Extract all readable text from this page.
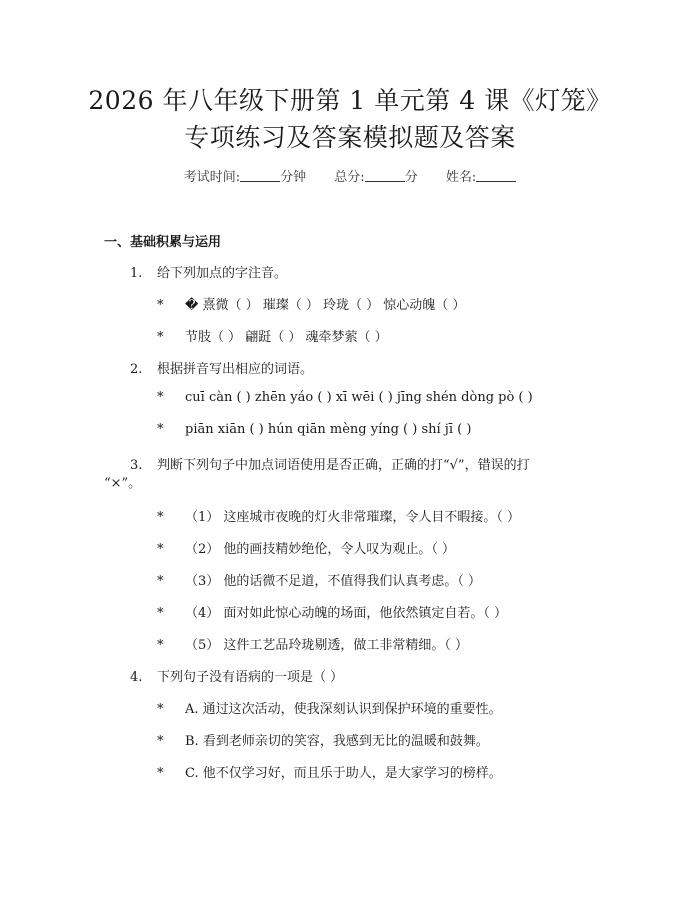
2026 年八年级下册第 1 单元第 4 课《灯笼》
专项练习及答案模拟题及答案
考试时间:	分钟 总分:	分 姓名:
一、基础积累与运用
1. 给下列加点的字注音。
* � 熹微（ ） 璀璨（ ） 玲珑（ ） 惊心动魄（ ）
* 节肢（ ） 翩跹（ ） 魂牵梦萦（ ）
2. 根据拼音写出相应的词语。
* cuī càn ( ) zhēn yáo ( ) xī wēi ( ) jīng shén dòng pò ( )
* piān xiān ( ) hún qiān mèng yíng ( ) shí jī ( )
3. 判断下列句子中加点词语使用是否正确，正确的打“√”，错误的打
“×”。
* （1） 这座城市夜晚的灯火非常璀璨，令人目不暇接。（ ）
* （2） 他的画技精妙绝伦，令人叹为观止。（ ）
* （3） 他的话微不足道，不值得我们认真考虑。（ ）
* （4） 面对如此惊心动魄的场面，他依然镇定自若。（ ）
* （5） 这件工艺品玲珑剔透，做工非常精细。（ ）
4. 下列句子没有语病的一项是（ ）
* A. 通过这次活动，使我深刻认识到保护环境的重要性。
* B. 看到老师亲切的笑容，我感到无比的温暖和鼓舞。
* C. 他不仅学习好，而且乐于助人，是大家学习的榜样。
